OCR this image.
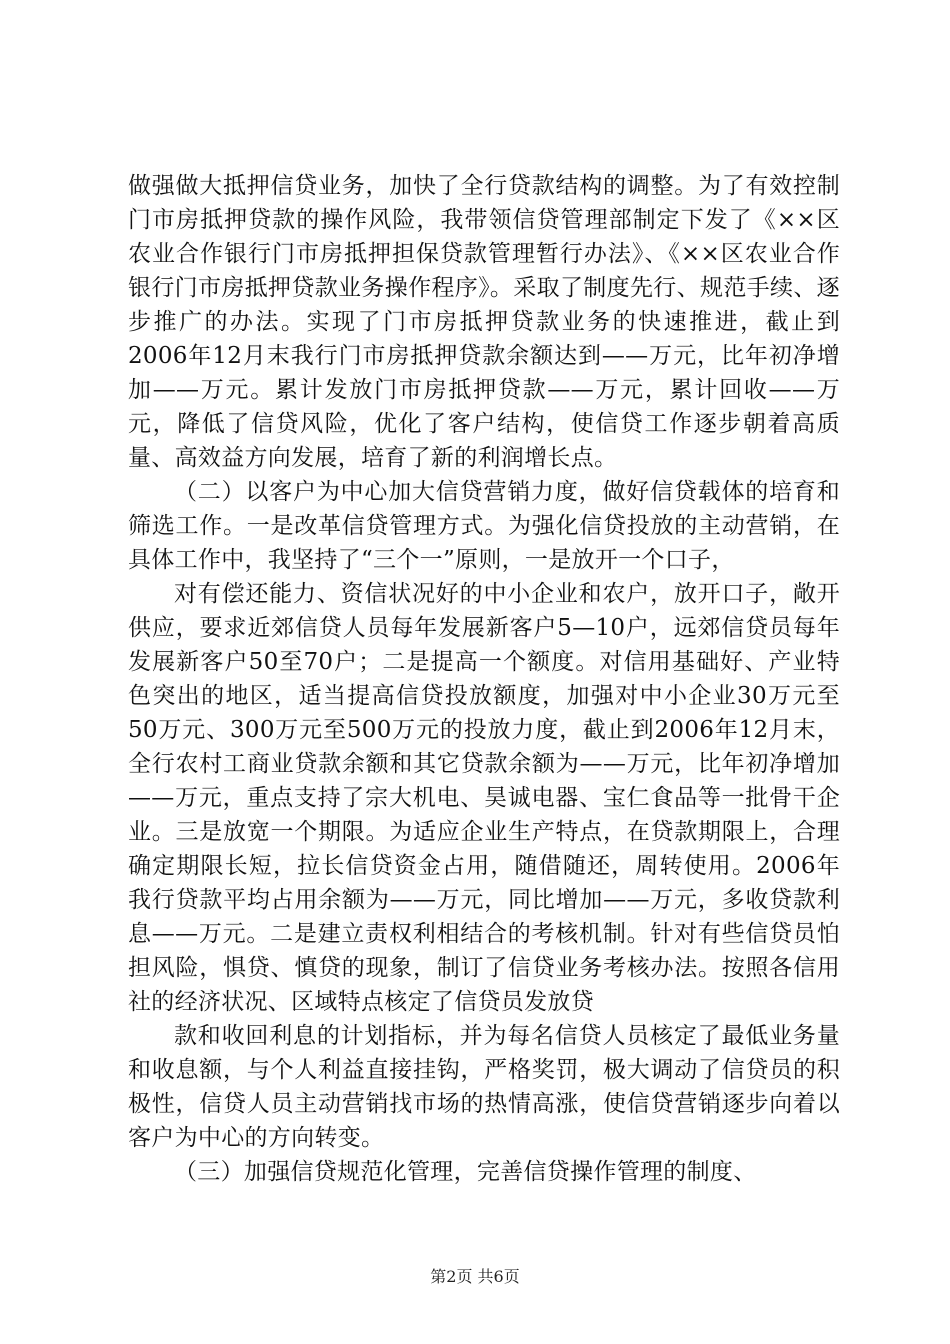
做强做大抵押信贷业务，加快了全行贷款结构的调整。为了有效控制门市房抵押贷款的操作风险，我带领信贷管理部制定下发了《××区农业合作银行门市房抵押担保贷款管理暂行办法》、《××区农业合作银行门市房抵押贷款业务操作程序》。采取了制度先行、规范手续、逐步推广的办法。实现了门市房抵押贷款业务的快速推进，截止到2006年12月末我行门市房抵押贷款余额达到——万元，比年初净增加——万元。累计发放门市房抵押贷款——万元，累计回收——万元，降低了信贷风险，优化了客户结构，使信贷工作逐步朝着高质量、高效益方向发展，培育了新的利润增长点。

（二）以客户为中心加大信贷营销力度，做好信贷载体的培育和筛选工作。一是改革信贷管理方式。为强化信贷投放的主动营销，在具体工作中，我坚持了“三个一”原则，一是放开一个口子，

对有偿还能力、资信状况好的中小企业和农户，放开口子，敞开供应，要求近郊信贷人员每年发展新客户5—10户，远郊信贷员每年发展新客户50至70户；二是提高一个额度。对信用基础好、产业特色突出的地区，适当提高信贷投放额度，加强对中小企业30万元至50万元、300万元至500万元的投放力度，截止到2006年12月末，全行农村工商业贷款余额和其它贷款余额为——万元，比年初净增加——万元，重点支持了宗大机电、昊诚电器、宝仁食品等一批骨干企业。三是放宽一个期限。为适应企业生产特点，在贷款期限上，合理确定期限长短，拉长信贷资金占用，随借随还，周转使用。2006年我行贷款平均占用余额为——万元，同比增加——万元，多收贷款利息——万元。二是建立责权利相结合的考核机制。针对有些信贷员怕担风险，惧贷、慎贷的现象，制订了信贷业务考核办法。按照各信用社的经济状况、区域特点核定了信贷员发放贷

款和收回利息的计划指标，并为每名信贷人员核定了最低业务量和收息额，与个人利益直接挂钩，严格奖罚，极大调动了信贷员的积极性，信贷人员主动营销找市场的热情高涨，使信贷营销逐步向着以客户为中心的方向转变。

（三）加强信贷规范化管理，完善信贷操作管理的制度、

第2页 共6页
